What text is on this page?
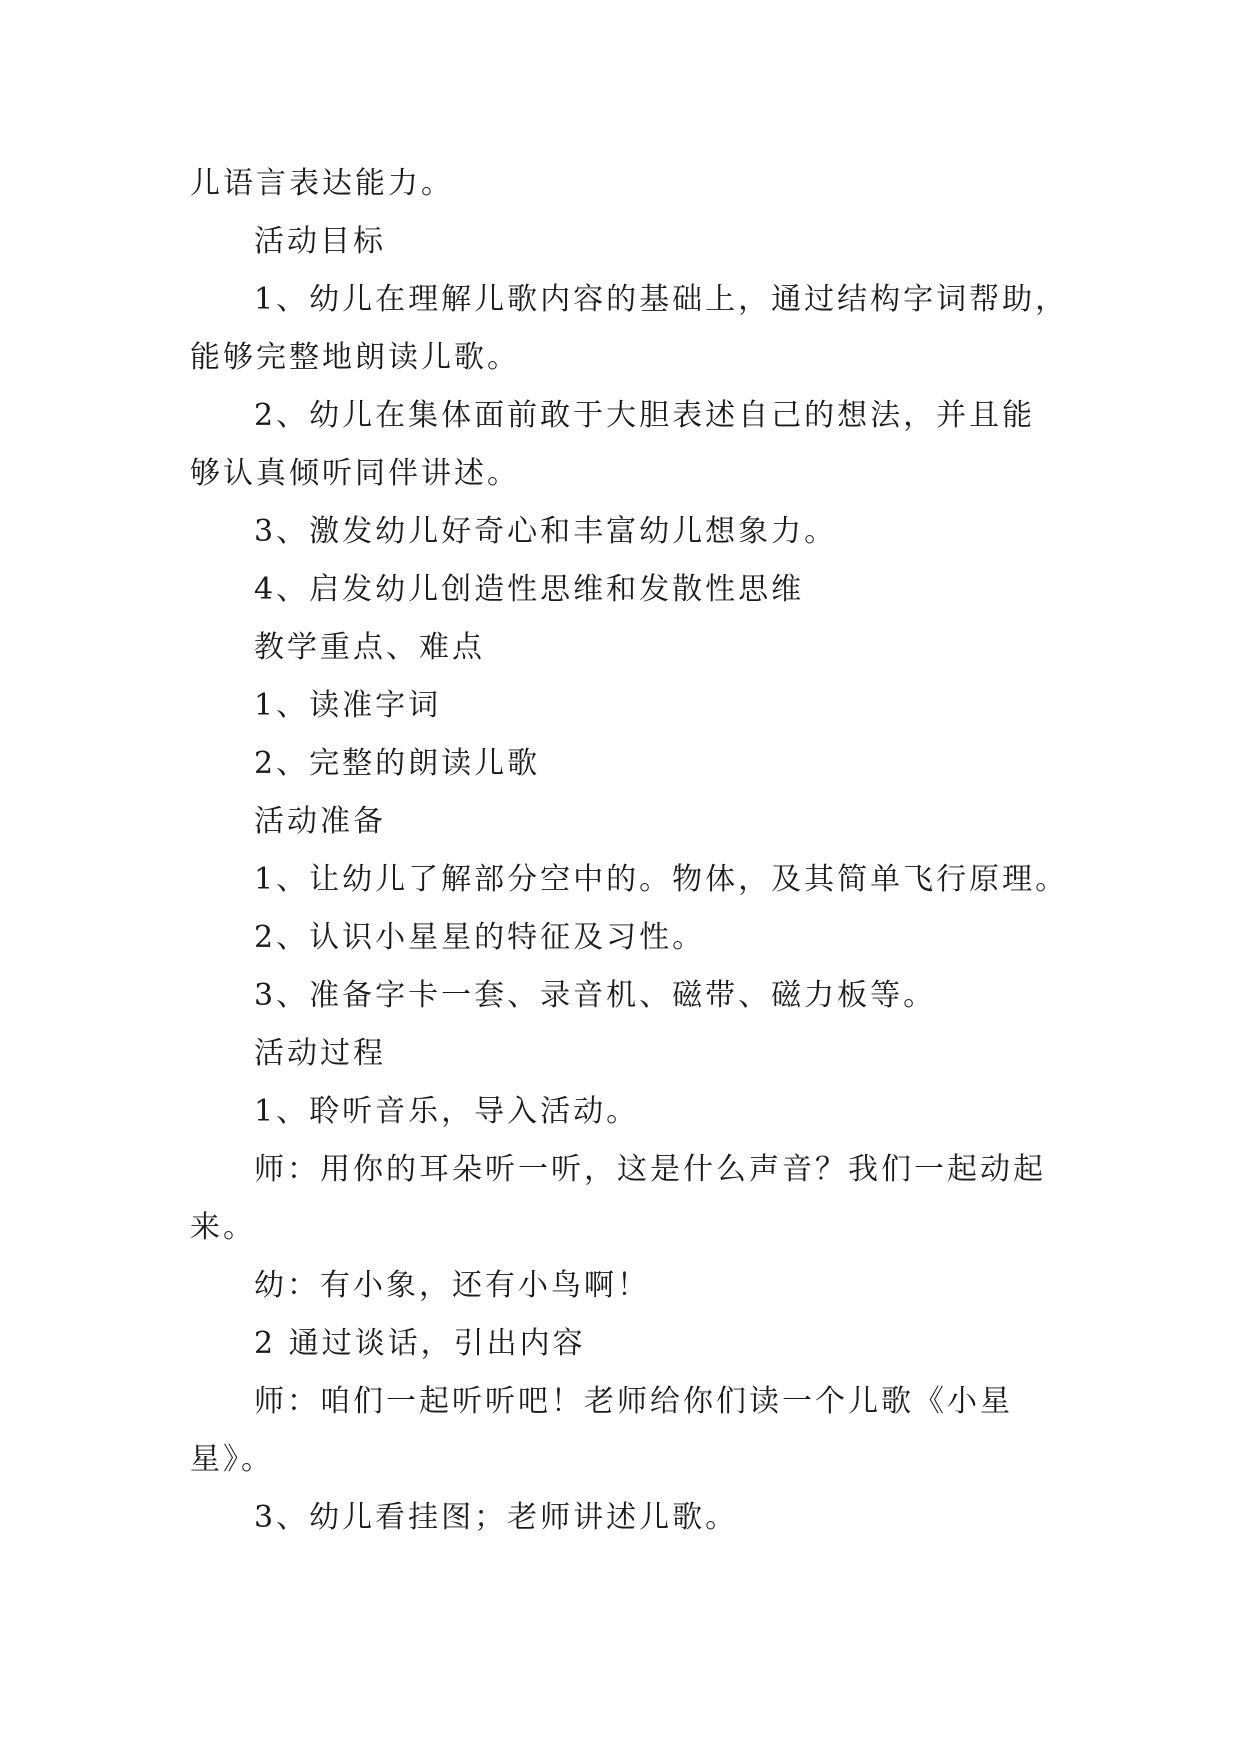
儿语言表达能力。
活动目标
1、幼儿在理解儿歌内容的基础上，通过结构字词帮助，
能够完整地朗读儿歌。
2、幼儿在集体面前敢于大胆表述自己的想法，并且能
够认真倾听同伴讲述。
3、激发幼儿好奇心和丰富幼儿想象力。
4、启发幼儿创造性思维和发散性思维
教学重点、难点
1、读准字词
2、完整的朗读儿歌
活动准备
1、让幼儿了解部分空中的。物体，及其简单飞行原理。
2、认识小星星的特征及习性。
3、准备字卡一套、录音机、磁带、磁力板等。
活动过程
1、聆听音乐，导入活动。
师：用你的耳朵听一听，这是什么声音？我们一起动起
来。
幼：有小象，还有小鸟啊！
2 通过谈话，引出内容
师：咱们一起听听吧！老师给你们读一个儿歌《小星
星》。
3、幼儿看挂图；老师讲述儿歌。
